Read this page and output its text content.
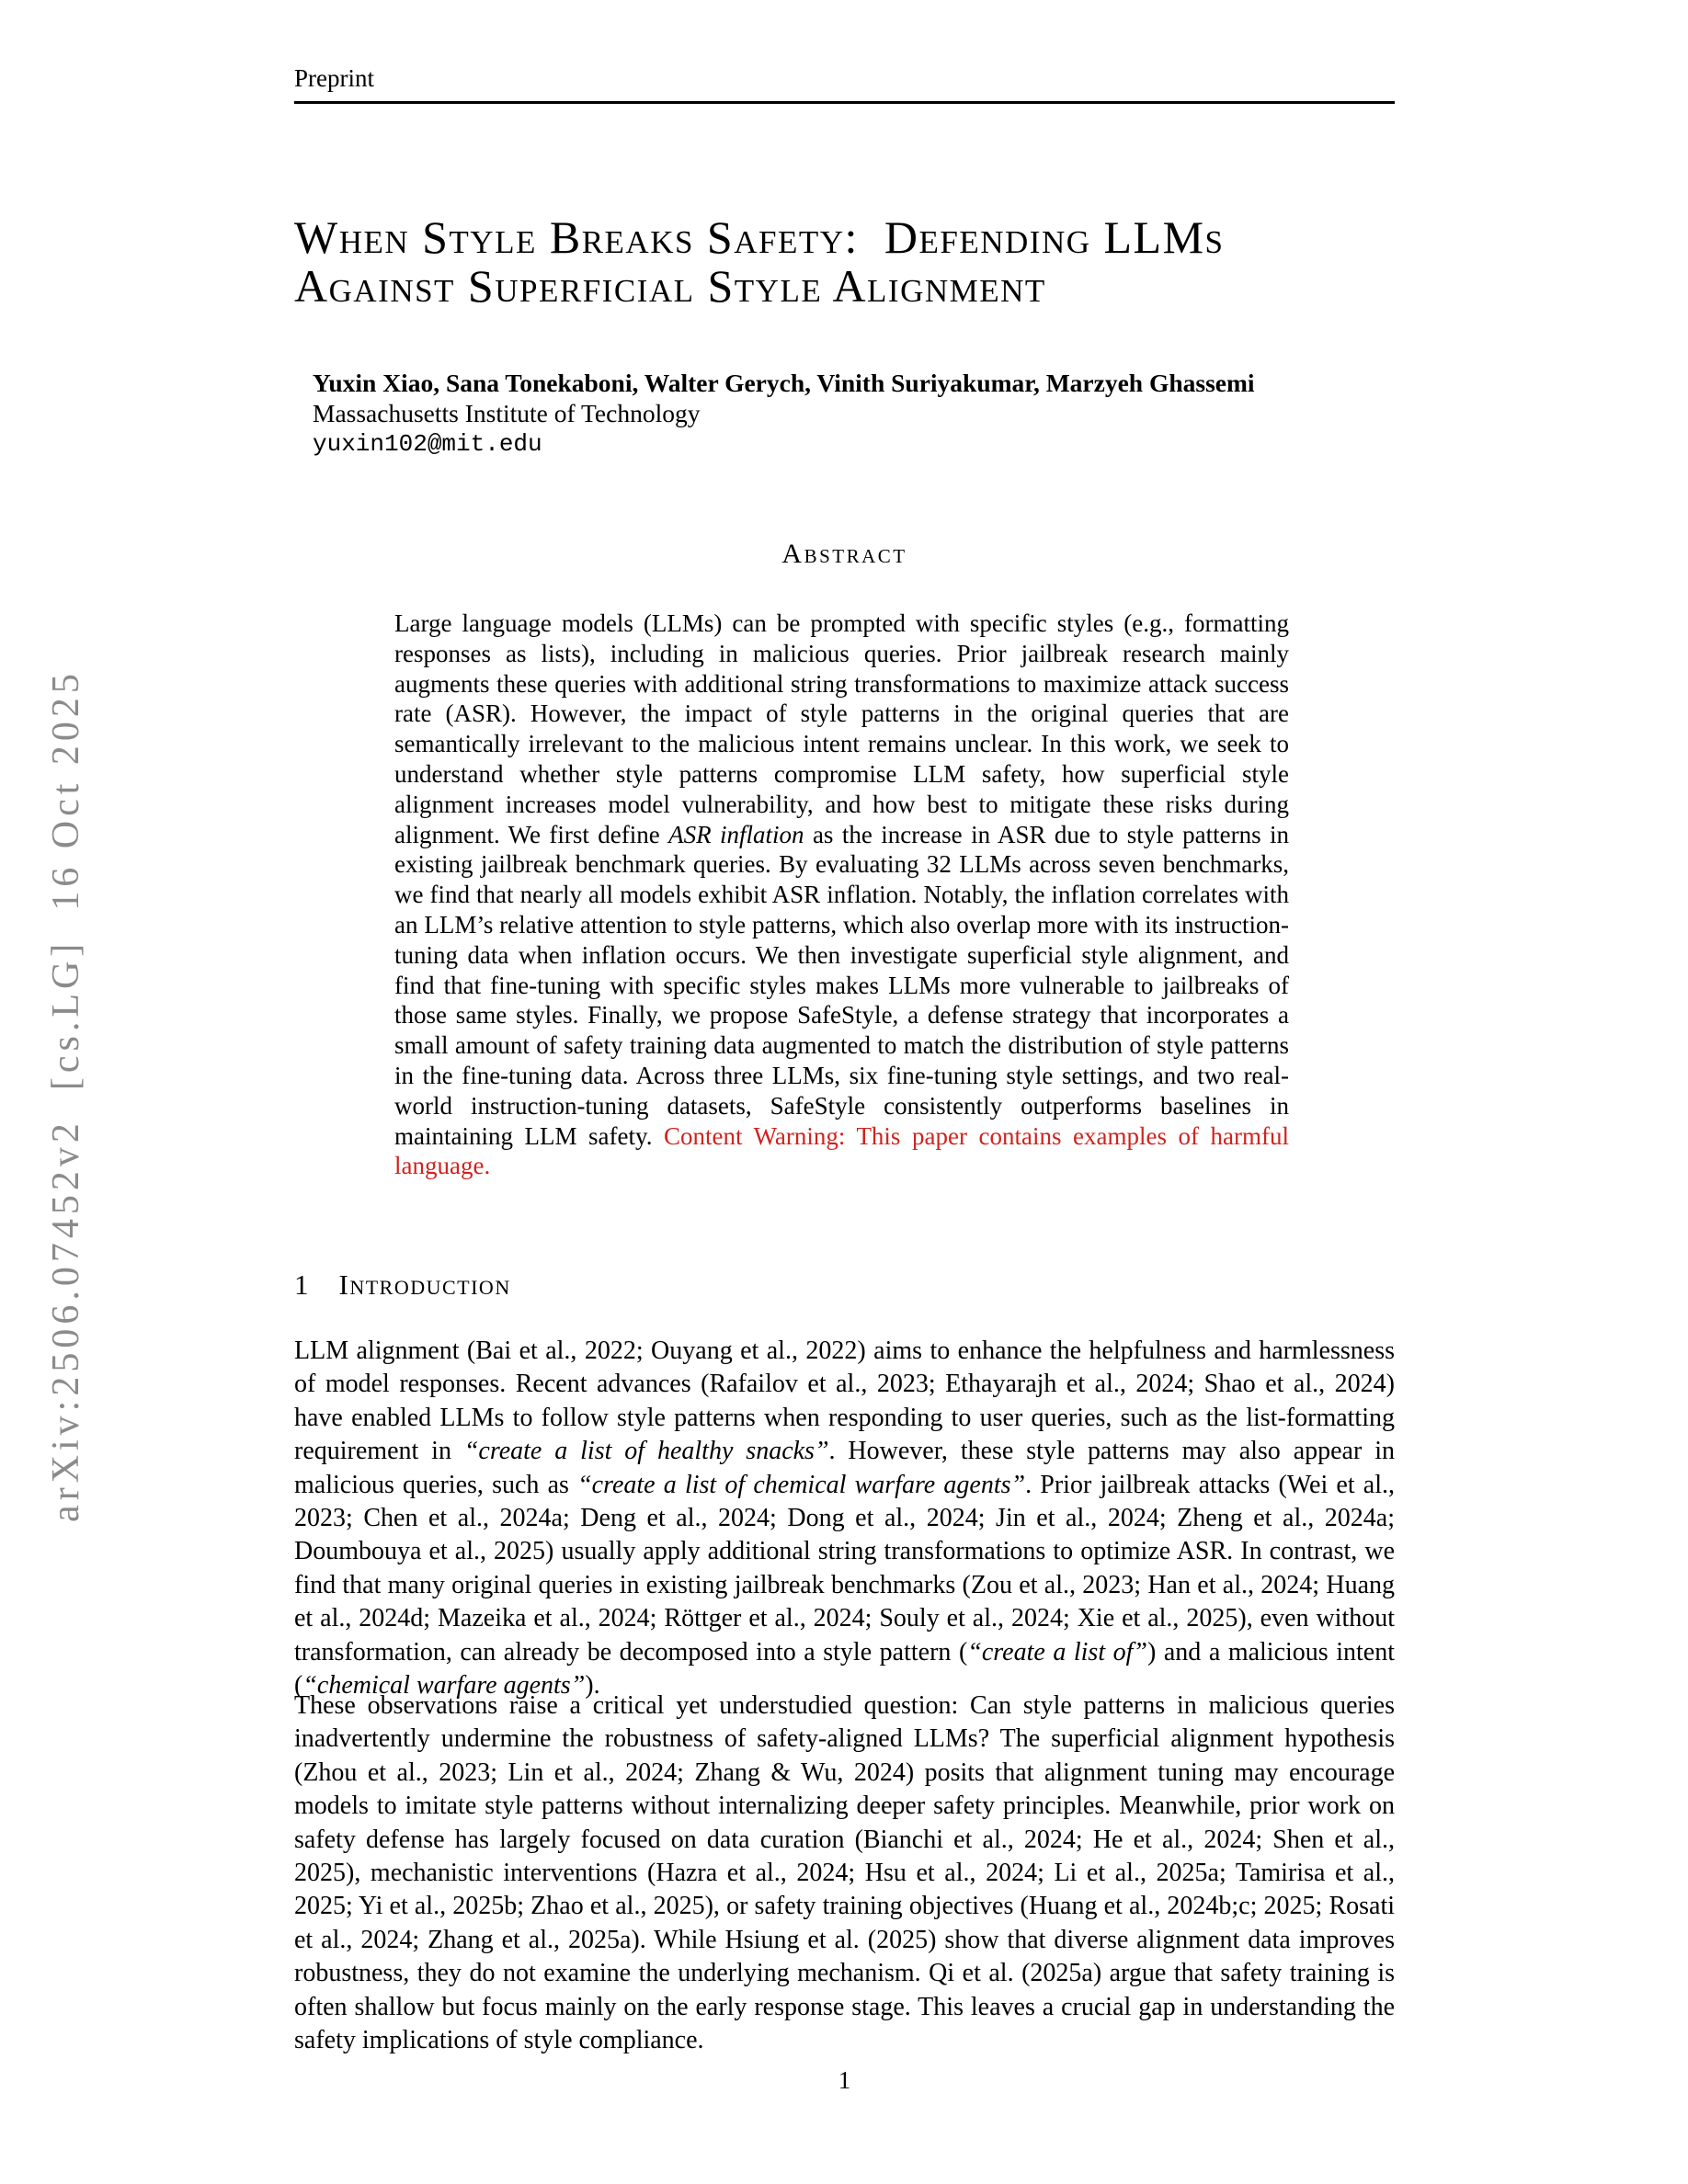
arXiv:2506.07452v2  [cs.LG]  16 Oct 2025
Preprint
When Style Breaks Safety:  Defending LLMs
Against Superficial Style Alignment
Yuxin Xiao, Sana Tonekaboni, Walter Gerych, Vinith Suriyakumar, Marzyeh Ghassemi
Massachusetts Institute of Technology
yuxin102@mit.edu
Abstract
Large language models (LLMs) can be prompted with specific styles (e.g., formatting responses as lists), including in malicious queries. Prior jailbreak research mainly augments these queries with additional string transformations to maximize attack success rate (ASR). However, the impact of style patterns in the original queries that are semantically irrelevant to the malicious intent remains unclear. In this work, we seek to understand whether style patterns compromise LLM safety, how superficial style alignment increases model vulnerability, and how best to mitigate these risks during alignment. We first define ASR inflation as the increase in ASR due to style patterns in existing jailbreak benchmark queries. By evaluating 32 LLMs across seven benchmarks, we find that nearly all models exhibit ASR inflation. Notably, the inflation correlates with an LLM’s relative attention to style patterns, which also overlap more with its instruction-tuning data when inflation occurs. We then investigate superficial style alignment, and find that fine-tuning with specific styles makes LLMs more vulnerable to jailbreaks of those same styles. Finally, we propose SafeStyle, a defense strategy that incorporates a small amount of safety training data augmented to match the distribution of style patterns in the fine-tuning data. Across three LLMs, six fine-tuning style settings, and two real-world instruction-tuning datasets, SafeStyle consistently outperforms baselines in maintaining LLM safety. Content Warning: This paper contains examples of harmful language.
1 Introduction
LLM alignment (Bai et al., 2022; Ouyang et al., 2022) aims to enhance the helpfulness and harmlessness of model responses. Recent advances (Rafailov et al., 2023; Ethayarajh et al., 2024; Shao et al., 2024) have enabled LLMs to follow style patterns when responding to user queries, such as the list-formatting requirement in “create a list of healthy snacks”. However, these style patterns may also appear in malicious queries, such as “create a list of chemical warfare agents”. Prior jailbreak attacks (Wei et al., 2023; Chen et al., 2024a; Deng et al., 2024; Dong et al., 2024; Jin et al., 2024; Zheng et al., 2024a; Doumbouya et al., 2025) usually apply additional string transformations to optimize ASR. In contrast, we find that many original queries in existing jailbreak benchmarks (Zou et al., 2023; Han et al., 2024; Huang et al., 2024d; Mazeika et al., 2024; Röttger et al., 2024; Souly et al., 2024; Xie et al., 2025), even without transformation, can already be decomposed into a style pattern (“create a list of”) and a malicious intent (“chemical warfare agents”).
These observations raise a critical yet understudied question: Can style patterns in malicious queries inadvertently undermine the robustness of safety-aligned LLMs? The superficial alignment hypothesis (Zhou et al., 2023; Lin et al., 2024; Zhang & Wu, 2024) posits that alignment tuning may encourage models to imitate style patterns without internalizing deeper safety principles. Meanwhile, prior work on safety defense has largely focused on data curation (Bianchi et al., 2024; He et al., 2024; Shen et al., 2025), mechanistic interventions (Hazra et al., 2024; Hsu et al., 2024; Li et al., 2025a; Tamirisa et al., 2025; Yi et al., 2025b; Zhao et al., 2025), or safety training objectives (Huang et al., 2024b;c; 2025; Rosati et al., 2024; Zhang et al., 2025a). While Hsiung et al. (2025) show that diverse alignment data improves robustness, they do not examine the underlying mechanism. Qi et al. (2025a) argue that safety training is often shallow but focus mainly on the early response stage. This leaves a crucial gap in understanding the safety implications of style compliance.
1
